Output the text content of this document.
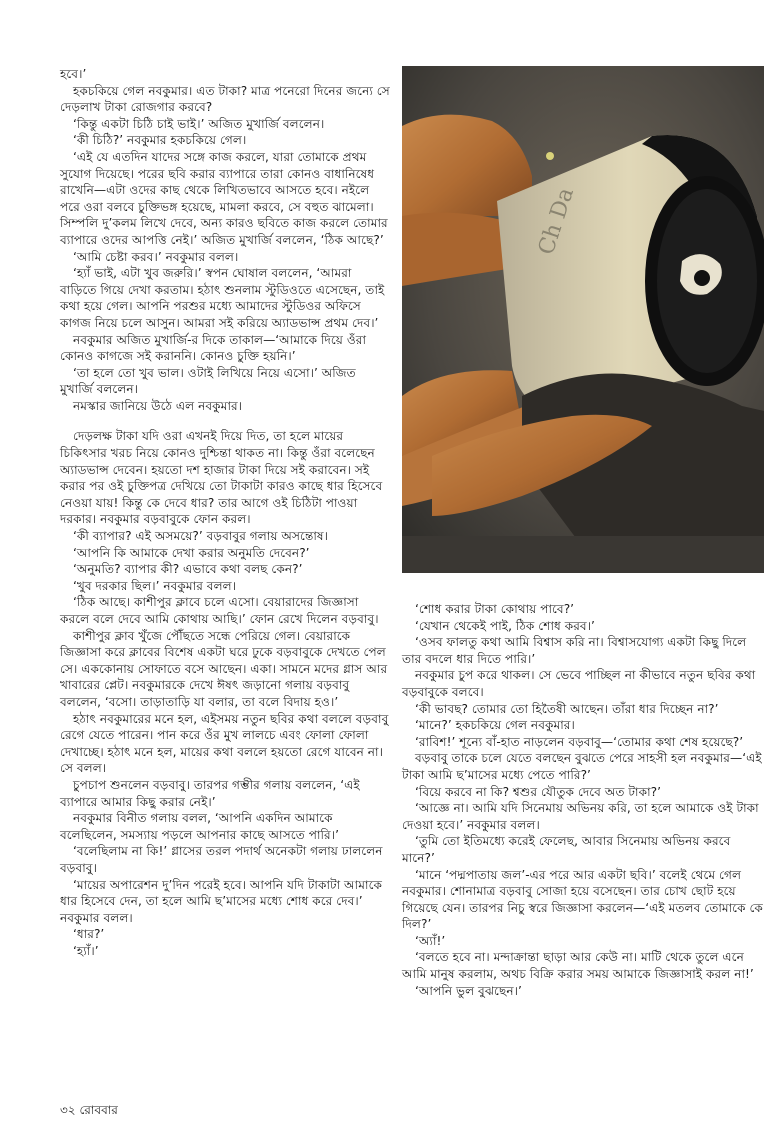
হবে।’

হকচকিয়ে গেল নবকুমার। এত টাকা? মাত্র পনেরো দিনের জন্যে সে দেড়লাখ টাকা রোজগার করবে?

‘কিন্তু একটা চিঠি চাই ভাই।’ অজিত মুখার্জি বললেন।

‘কী চিঠি?’ নবকুমার হকচকিয়ে গেল।

‘এই যে এতদিন যাদের সঙ্গে কাজ করলে, যারা তোমাকে প্রথম সুযোগ দিয়েছে। পরের ছবি করার ব্যাপারে তারা কোনও বাধানিষেধ রাখেনি—এটা ওদের কাছ থেকে লিখিতভাবে আসতে হবে। নইলে পরে ওরা বলবে চুক্তিভঙ্গ হয়েছে, মামলা করবে, সে বহুত ঝামেলা। সিম্পলি দু’কলম লিখে দেবে, অন্য কারও ছবিতে কাজ করলে তোমার ব্যাপারে ওদের আপত্তি নেই।’ অজিত মুখার্জি বললেন, ‘ঠিক আছে?’

‘আমি চেষ্টা করব।’ নবকুমার বলল।

‘হ্যাঁ ভাই, এটা খুব জরুরি।’ স্বপন ঘোষাল বললেন, ‘আমরা বাড়িতে গিয়ে দেখা করতাম। হঠাৎ শুনলাম স্টুডিওতে এসেছেন, তাই কথা হয়ে গেল। আপনি পরশুর মধ্যে আমাদের স্টুডিওর অফিসে কাগজ নিয়ে চলে আসুন। আমরা সই করিয়ে অ্যাডভান্স প্রথম দেব।’

নবকুমার অজিত মুখার্জি-র দিকে তাকাল—‘আমাকে দিয়ে ওঁরা কোনও কাগজে সই করাননি। কোনও চুক্তি হয়নি।’

‘তা হলে তো খুব ভাল। ওটাই লিখিয়ে নিয়ে এসো।’ অজিত মুখার্জি বললেন।

নমস্কার জানিয়ে উঠে এল নবকুমার।

দেড়লক্ষ টাকা যদি ওরা এখনই দিয়ে দিত, তা হলে মায়ের চিকিৎসার খরচ নিয়ে কোনও দুশ্চিন্তা থাকত না। কিন্তু ওঁরা বলেছেন অ্যাডভান্স দেবেন। হয়তো দশ হাজার টাকা দিয়ে সই করাবেন। সই করার পর ওই চুক্তিপত্র দেখিয়ে তো টাকাটা কারও কাছে ধার হিসেবে নেওয়া যায়! কিন্তু কে দেবে ধার? তার আগে ওই চিঠিটা পাওয়া দরকার। নবকুমার বড়বাবুকে ফোন করল।

‘কী ব্যাপার? এই অসময়ে?’ বড়বাবুর গলায় অসন্তোষ।

‘আপনি কি আমাকে দেখা করার অনুমতি দেবেন?’

‘অনুমতি? ব্যাপার কী? এভাবে কথা বলছ কেন?’

‘খুব দরকার ছিল।’ নবকুমার বলল।

‘ঠিক আছে। কাশীপুর ক্লাবে চলে এসো। বেয়ারাদের জিজ্ঞাসা করলে বলে দেবে আমি কোথায় আছি।’ ফোন রেখে দিলেন বড়বাবু।

কাশীপুর ক্লাব খুঁজে পৌঁছতে সন্ধে পেরিয়ে গেল। বেয়ারাকে জিজ্ঞাসা করে ক্লাবের বিশেষ একটা ঘরে ঢুকে বড়বাবুকে দেখতে পেল সে। এককোনায় সোফাতে বসে আছেন। একা। সামনে মদের গ্লাস আর খাবারের প্লেট। নবকুমারকে দেখে ঈষৎ জড়ানো গলায় বড়বাবু বললেন, ‘বসো। তাড়াতাড়ি যা বলার, তা বলে বিদায় হও।’

হঠাৎ নবকুমারের মনে হল, এইসময় নতুন ছবির কথা বললে বড়বাবু রেগে যেতে পারেন। পান করে ওঁর মুখ লালচে এবং ফোলা ফোলা দেখাচ্ছে। হঠাৎ মনে হল, মায়ের কথা বললে হয়তো রেগে যাবেন না। সে বলল।

চুপচাপ শুনলেন বড়বাবু। তারপর গম্ভীর গলায় বললেন, ‘এই ব্যাপারে আমার কিছু করার নেই।’

নবকুমার বিনীত গলায় বলল, ‘আপনি একদিন আমাকে বলেছিলেন, সমস্যায় পড়লে আপনার কাছে আসতে পারি।’

‘বলেছিলাম না কি!’ গ্লাসের তরল পদার্থ অনেকটা গলায় ঢাললেন বড়বাবু।

‘মায়ের অপারেশন দু’দিন পরেই হবে। আপনি যদি টাকাটা আমাকে ধার হিসেবে দেন, তা হলে আমি ছ’মাসের মধ্যে শোধ করে দেব।’ নবকুমার বলল।

‘ধার?’

‘হ্যাঁ।’

Ch Da

‘শোধ করার টাকা কোথায় পাবে?’

‘যেখান থেকেই পাই, ঠিক শোধ করব।’

‘ওসব ফালতু কথা আমি বিশ্বাস করি না। বিশ্বাসযোগ্য একটা কিছু দিলে তার বদলে ধার দিতে পারি।’

নবকুমার চুপ করে থাকল। সে ভেবে পাচ্ছিল না কীভাবে নতুন ছবির কথা বড়বাবুকে বলবে।

‘কী ভাবছ? তোমার তো হিতৈষী আছেন। তাঁরা ধার দিচ্ছেন না?’

‘মানে?’ হকচকিয়ে গেল নবকুমার।

‘রাবিশ!’ শূন্যে বাঁ-হাত নাড়লেন বড়বাবু—‘তোমার কথা শেষ হয়েছে?’

বড়বাবু তাকে চলে যেতে বলছেন বুঝতে পেরে সাহসী হল নবকুমার—‘এই টাকা আমি ছ’মাসের মধ্যে পেতে পারি?’

‘বিয়ে করবে না কি? শ্বশুর যৌতুক দেবে অত টাকা?’

‘আজ্ঞে না। আমি যদি সিনেমায় অভিনয় করি, তা হলে আমাকে ওই টাকা দেওয়া হবে।’ নবকুমার বলল।

‘তুমি তো ইতিমধ্যে করেই ফেলেছ, আবার সিনেমায় অভিনয় করবে মানে?’

‘মানে ‘পদ্মপাতায় জল’-এর পরে আর একটা ছবি।’ বলেই থেমে গেল নবকুমার। শোনামাত্র বড়বাবু সোজা হয়ে বসেছেন। তার চোখ ছোট হয়ে গিয়েছে যেন। তারপর নিচু স্বরে জিজ্ঞাসা করলেন—‘এই মতলব তোমাকে কে দিল?’

‘অ্যাঁ!’

‘বলতে হবে না। মন্দাক্রান্তা ছাড়া আর কেউ না। মাটি থেকে তুলে এনে আমি মানুষ করলাম, অথচ বিক্রি করার সময় আমাকে জিজ্ঞাসাই করল না!’

‘আপনি ভুল বুঝছেন।’

৩২ রোববার
